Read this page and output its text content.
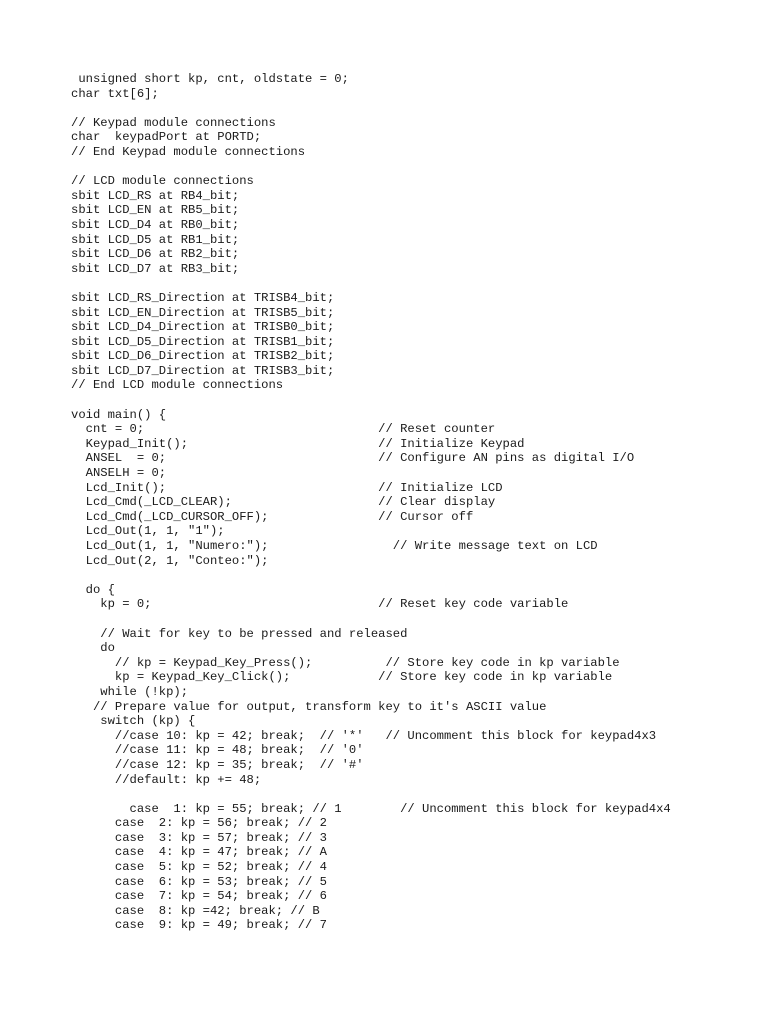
unsigned short kp, cnt, oldstate = 0;
char txt[6];
// Keypad module connections
char  keypadPort at PORTD;
// End Keypad module connections
// LCD module connections
sbit LCD_RS at RB4_bit;
sbit LCD_EN at RB5_bit;
sbit LCD_D4 at RB0_bit;
sbit LCD_D5 at RB1_bit;
sbit LCD_D6 at RB2_bit;
sbit LCD_D7 at RB3_bit;
sbit LCD_RS_Direction at TRISB4_bit;
sbit LCD_EN_Direction at TRISB5_bit;
sbit LCD_D4_Direction at TRISB0_bit;
sbit LCD_D5_Direction at TRISB1_bit;
sbit LCD_D6_Direction at TRISB2_bit;
sbit LCD_D7_Direction at TRISB3_bit;
// End LCD module connections
void main() {
cnt = 0;                                // Reset counter
Keypad_Init();                          // Initialize Keypad
ANSEL  = 0;                             // Configure AN pins as digital I/O
ANSELH = 0;
Lcd_Init();                             // Initialize LCD
Lcd_Cmd(_LCD_CLEAR);                    // Clear display
Lcd_Cmd(_LCD_CURSOR_OFF);               // Cursor off
Lcd_Out(1, 1, "1");
Lcd_Out(1, 1, "Numero:");                 // Write message text on LCD
Lcd_Out(2, 1, "Conteo:");
do {
kp = 0;                               // Reset key code variable
// Wait for key to be pressed and released
do
// kp = Keypad_Key_Press();          // Store key code in kp variable
kp = Keypad_Key_Click();            // Store key code in kp variable
while (!kp);
// Prepare value for output, transform key to it's ASCII value
switch (kp) {
//case 10: kp = 42; break;  // '*'   // Uncomment this block for keypad4x3
//case 11: kp = 48; break;  // '0'
//case 12: kp = 35; break;  // '#'
//default: kp += 48;
case  1: kp = 55; break; // 1        // Uncomment this block for keypad4x4
case  2: kp = 56; break; // 2
case  3: kp = 57; break; // 3
case  4: kp = 47; break; // A
case  5: kp = 52; break; // 4
case  6: kp = 53; break; // 5
case  7: kp = 54; break; // 6
case  8: kp =42; break; // B
case  9: kp = 49; break; // 7
